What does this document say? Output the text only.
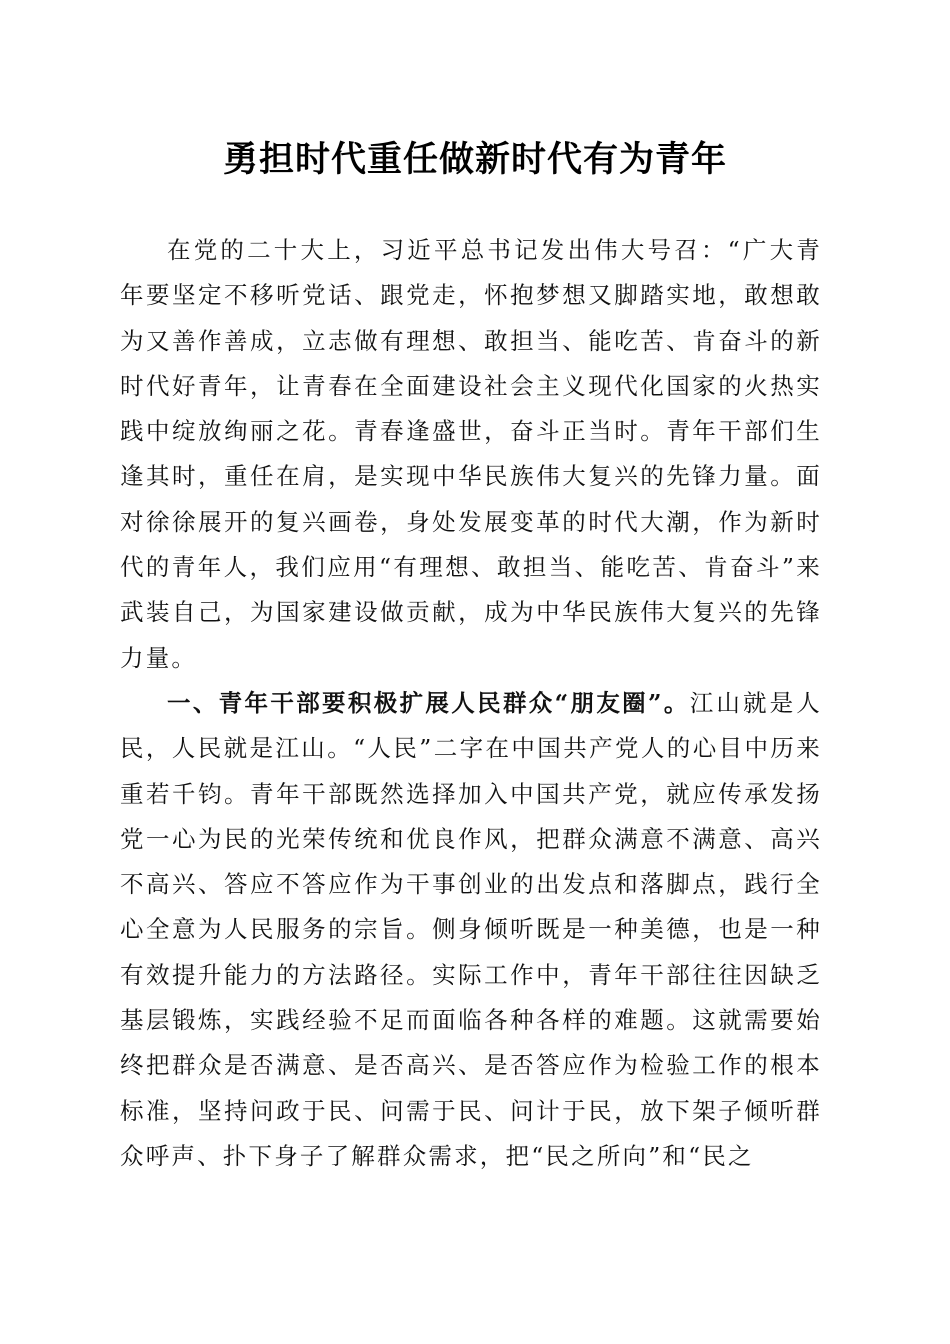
勇担时代重任做新时代有为青年

在党的二十大上，习近平总书记发出伟大号召：“广大青年要坚定不移听党话、跟党走，怀抱梦想又脚踏实地，敢想敢为又善作善成，立志做有理想、敢担当、能吃苦、肯奋斗的新时代好青年，让青春在全面建设社会主义现代化国家的火热实践中绽放绚丽之花。青春逢盛世，奋斗正当时。青年干部们生逢其时，重任在肩，是实现中华民族伟大复兴的先锋力量。面对徐徐展开的复兴画卷，身处发展变革的时代大潮，作为新时代的青年人，我们应用“有理想、敢担当、能吃苦、肯奋斗”来武装自己，为国家建设做贡献，成为中华民族伟大复兴的先锋力量。

一、青年干部要积极扩展人民群众“朋友圈”。江山就是人民，人民就是江山。“人民”二字在中国共产党人的心目中历来重若千钧。青年干部既然选择加入中国共产党，就应传承发扬党一心为民的光荣传统和优良作风，把群众满意不满意、高兴不高兴、答应不答应作为干事创业的出发点和落脚点，践行全心全意为人民服务的宗旨。侧身倾听既是一种美德，也是一种有效提升能力的方法路径。实际工作中，青年干部往往因缺乏基层锻炼，实践经验不足而面临各种各样的难题。这就需要始终把群众是否满意、是否高兴、是否答应作为检验工作的根本标准，坚持问政于民、问需于民、问计于民，放下架子倾听群众呼声、扑下身子了解群众需求，把“民之所向”和“民之
